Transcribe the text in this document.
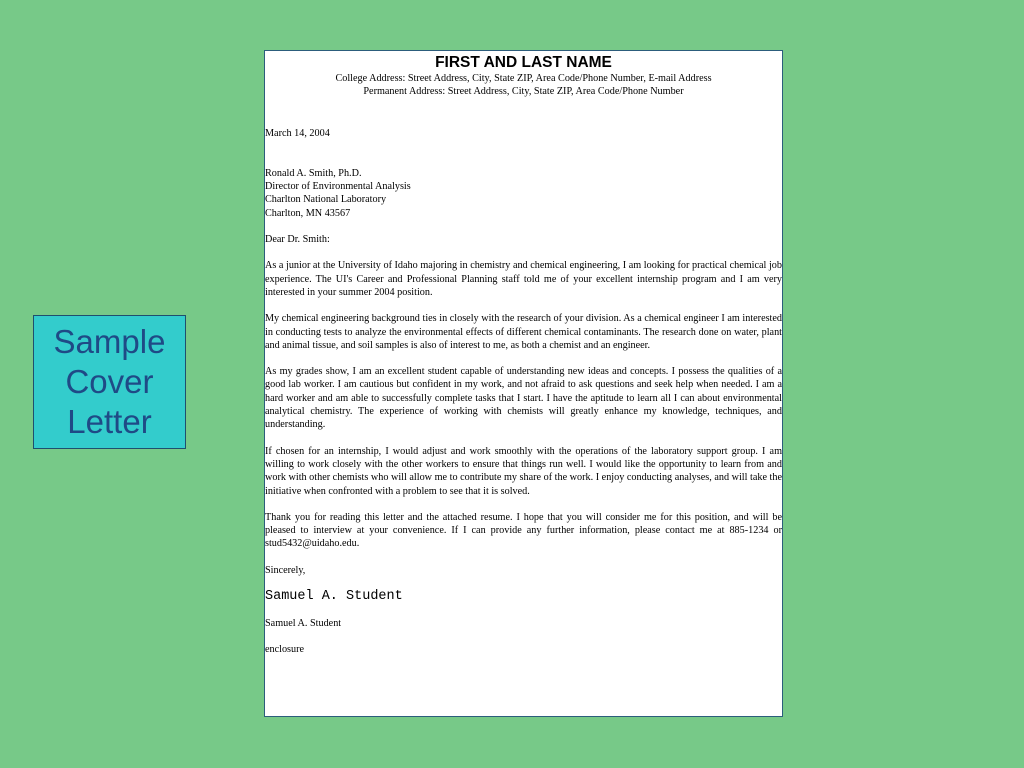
Sample
Cover
Letter
FIRST AND LAST NAME
College Address: Street Address, City, State ZIP, Area Code/Phone Number, E-mail Address
Permanent Address: Street Address, City, State ZIP, Area Code/Phone Number

March 14, 2004

Ronald A. Smith, Ph.D.

Director of Environmental Analysis

Charlton National Laboratory

Charlton, MN 43567

Dear Dr. Smith:

As a junior at the University of Idaho majoring in chemistry and chemical engineering, I am looking for practical chemical job experience. The UI's Career and Professional Planning staff told me of your excellent internship program and I am very interested in your summer 2004 position.

My chemical engineering background ties in closely with the research of your division. As a chemical engineer I am interested in conducting tests to analyze the environmental effects of different chemical contaminants. The research done on water, plant and animal tissue, and soil samples is also of interest to me, as both a chemist and an engineer.

As my grades show, I am an excellent student capable of understanding new ideas and concepts. I possess the qualities of a good lab worker. I am cautious but confident in my work, and not afraid to ask questions and seek help when needed. I am a hard worker and am able to successfully complete tasks that I start. I have the aptitude to learn all I can about environmental analytical chemistry. The experience of working with chemists will greatly enhance my knowledge, techniques, and understanding.

If chosen for an internship, I would adjust and work smoothly with the operations of the laboratory support group. I am willing to work closely with the other workers to ensure that things run well. I would like the opportunity to learn from and work with other chemists who will allow me to contribute my share of the work. I enjoy conducting analyses, and will take the initiative when confronted with a problem to see that it is solved.

Thank you for reading this letter and the attached resume. I hope that you will consider me for this position, and will be pleased to interview at your convenience. If I can provide any further information, please contact me at 885-1234 or stud5432@uidaho.edu.

Sincerely,

Samuel A. Student

Samuel A. Student

enclosure
